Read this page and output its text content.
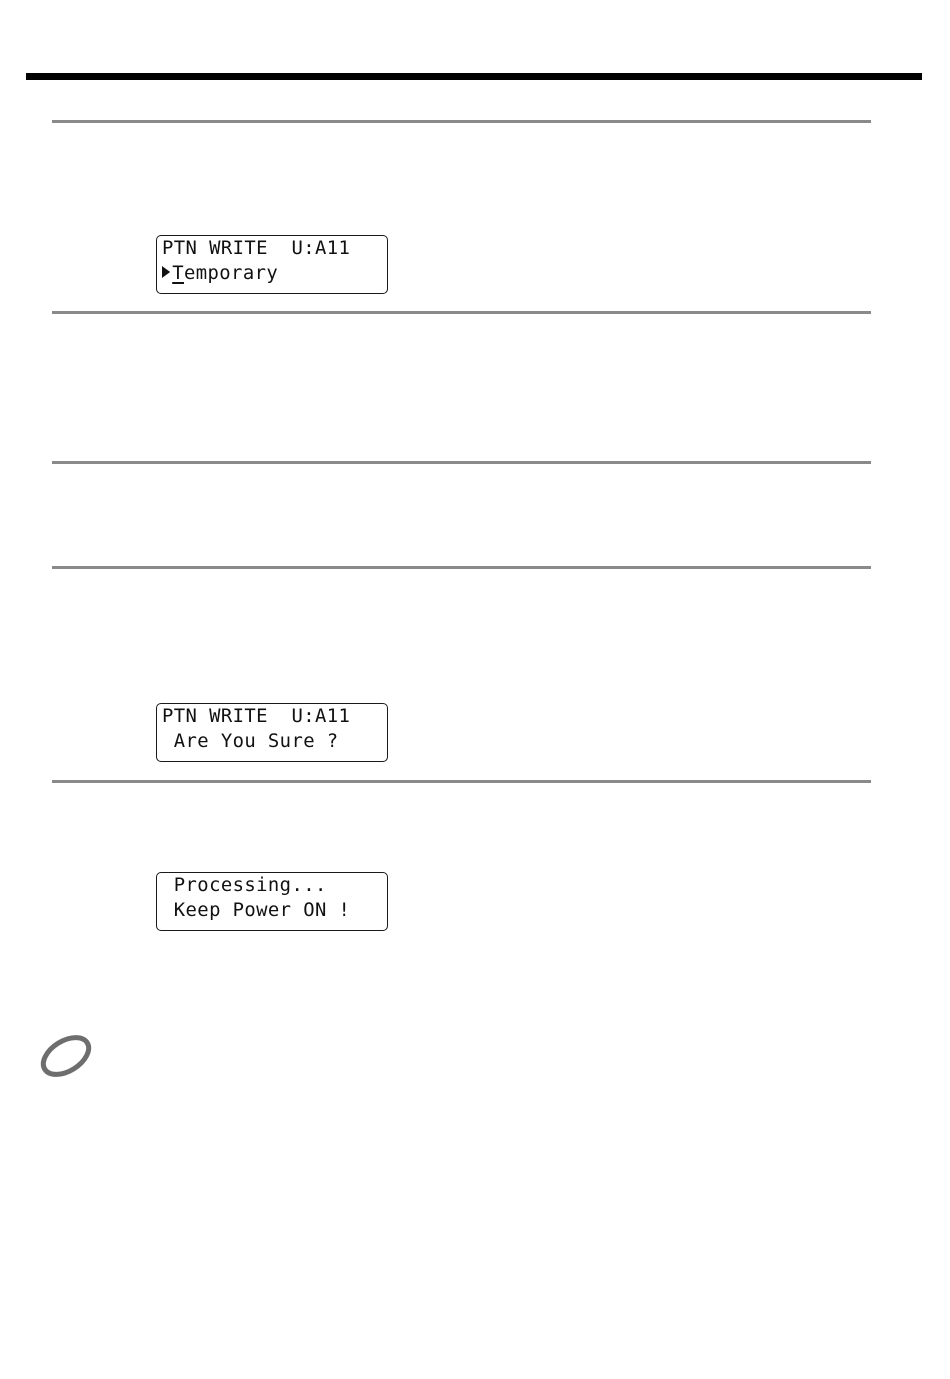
PTN WRITE  U:A11
Temporary
PTN WRITE  U:A11
Are You Sure ?
Processing...
Keep Power ON !
